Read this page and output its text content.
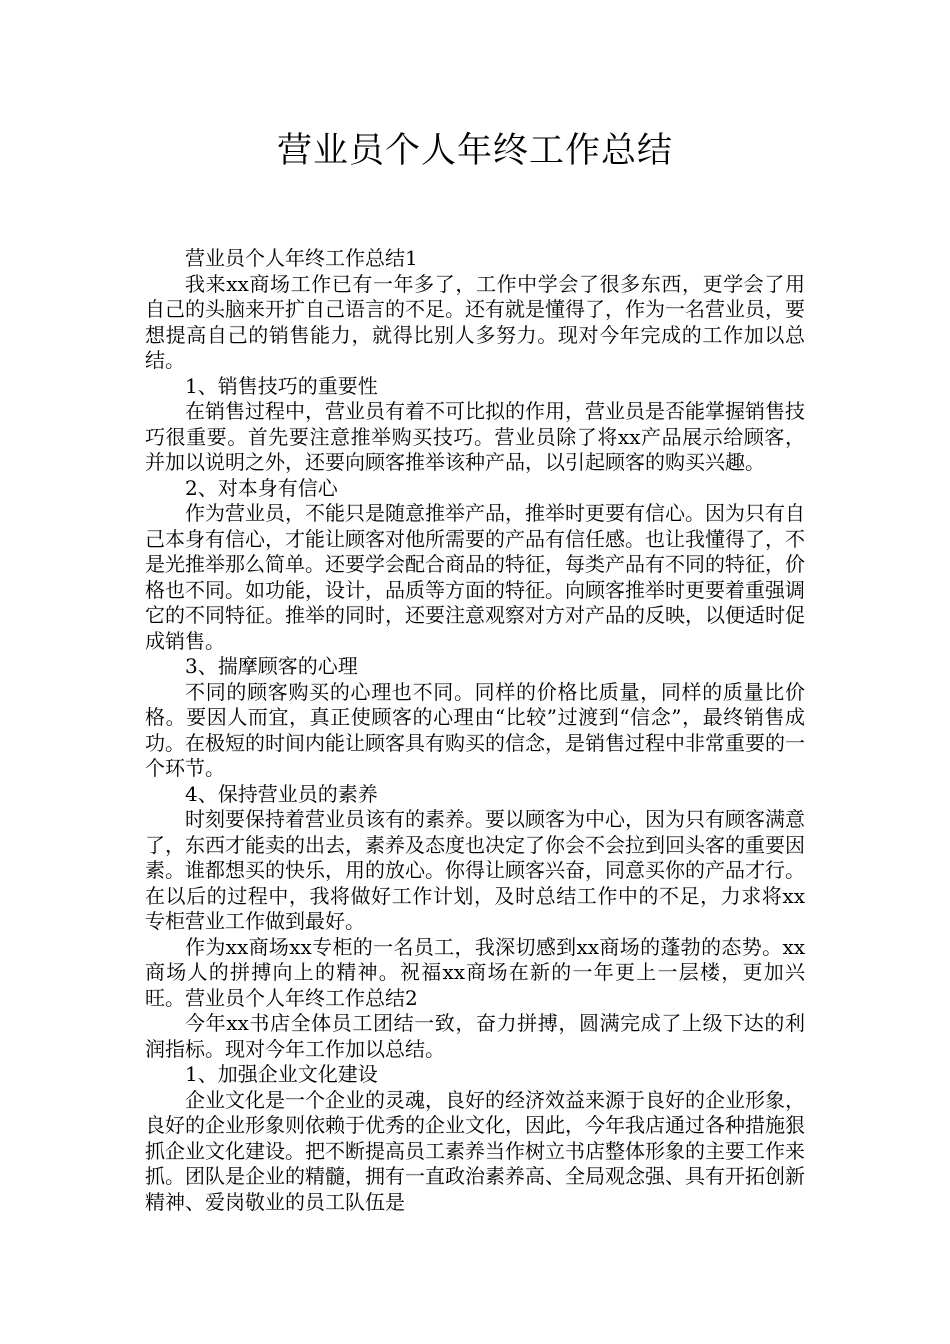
营业员个人年终工作总结

营业员个人年终工作总结1

我来xx商场工作已有一年多了，工作中学会了很多东西，更学会了用自己的头脑来开扩自己语言的不足。还有就是懂得了，作为一名营业员，要想提高自己的销售能力，就得比别人多努力。现对今年完成的工作加以总结。

1、销售技巧的重要性

在销售过程中，营业员有着不可比拟的作用，营业员是否能掌握销售技巧很重要。首先要注意推举购买技巧。营业员除了将xx产品展示给顾客，并加以说明之外，还要向顾客推举该种产品，以引起顾客的购买兴趣。

2、对本身有信心

作为营业员，不能只是随意推举产品，推举时更要有信心。因为只有自己本身有信心，才能让顾客对他所需要的产品有信任感。也让我懂得了，不是光推举那么简单。还要学会配合商品的特征，每类产品有不同的特征，价格也不同。如功能，设计，品质等方面的特征。向顾客推举时更要着重强调它的不同特征。推举的同时，还要注意观察对方对产品的反映，以便适时促成销售。

3、揣摩顾客的心理

不同的顾客购买的心理也不同。同样的价格比质量，同样的质量比价格。要因人而宜，真正使顾客的心理由“比较”过渡到“信念”，最终销售成功。在极短的时间内能让顾客具有购买的信念，是销售过程中非常重要的一个环节。

4、保持营业员的素养

时刻要保持着营业员该有的素养。要以顾客为中心，因为只有顾客满意了，东西才能卖的出去，素养及态度也决定了你会不会拉到回头客的重要因素。谁都想买的快乐，用的放心。你得让顾客兴奋，同意买你的产品才行。在以后的过程中，我将做好工作计划，及时总结工作中的不足，力求将xx专柜营业工作做到最好。

作为xx商场xx专柜的一名员工，我深切感到xx商场的蓬勃的态势。xx商场人的拼搏向上的精神。祝福xx商场在新的一年更上一层楼，更加兴旺。营业员个人年终工作总结2

今年xx书店全体员工团结一致，奋力拼搏，圆满完成了上级下达的利润指标。现对今年工作加以总结。

1、加强企业文化建设

企业文化是一个企业的灵魂，良好的经济效益来源于良好的企业形象，良好的企业形象则依赖于优秀的企业文化，因此，今年我店通过各种措施狠抓企业文化建设。把不断提高员工素养当作树立书店整体形象的主要工作来抓。团队是企业的精髓，拥有一直政治素养高、全局观念强、具有开拓创新精神、爱岗敬业的员工队伍是
